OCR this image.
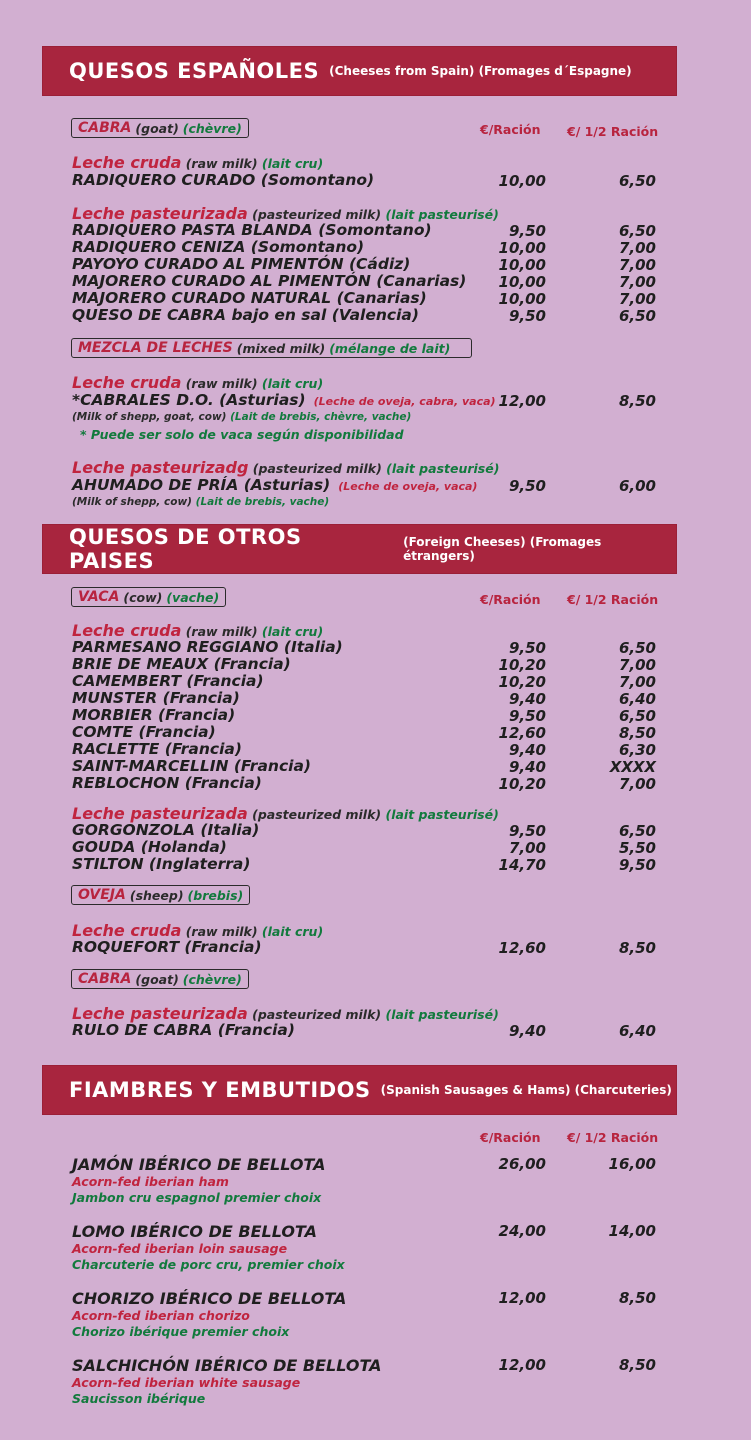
QUESOS ESPAÑOLES (Cheeses from Spain) (Fromages d´Espagne)
CABRA (goat) (chèvre)	€/Ración €/ 1/2 Ración
Leche cruda (raw milk) (lait cru)
RADIQUERO CURADO (Somontano)	10,00	6,50
Leche pasteurizada (pasteurized milk) (lait pasteurisé)
RADIQUERO PASTA BLANDA (Somontano)	9,50	6,50
RADIQUERO CENIZA (Somontano)	10,00	7,00
PAYOYO CURADO AL PIMENTÓN (Cádiz)	10,00	7,00
MAJORERO CURADO AL PIMENTÓN (Canarias)	10,00	7,00
MAJORERO CURADO NATURAL (Canarias)	10,00	7,00
QUESO DE CABRA bajo en sal (Valencia)	9,50	6,50
MEZCLA DE LECHES (mixed milk) (mélange de lait)
Leche cruda (raw milk) (lait cru)
*CABRALES D.O. (Asturias) (Leche de oveja, cabra, vaca) 12,00	8,50
(Milk of shepp, goat, cow) (Lait de brebis, chèvre, vache)
* Puede ser solo de vaca según disponibilidad
Leche pasteurizadg (pasteurized milk) (lait pasteurisé)
AHUMADO DE PRÍA (Asturias) (Leche de oveja, vaca)	9,50	6,00
(Milk of shepp, cow) (Lait de brebis, vache)
QUESOS DE OTROS PAISES
(Foreign Cheeses) (Fromages étrangers)
VACA (cow) (vache)	€/Ración €/ 1/2 Ración
Leche cruda (raw milk) (lait cru)
PARMESANO REGGIANO (Italia)	9,50	6,50
BRIE DE MEAUX (Francia)	10,20	7,00
CAMEMBERT (Francia)	10,20	7,00
MUNSTER (Francia)	9,40	6,40
MORBIER (Francia)	9,50	6,50
COMTE (Francia)	12,60	8,50
RACLETTE (Francia)	9,40	6,30
SAINT-MARCELLIN (Francia)	9,40	XXXX
REBLOCHON (Francia)	10,20	7,00
Leche pasteurizada (pasteurized milk) (lait pasteurisé)
GORGONZOLA (Italia)	9,50	6,50
GOUDA (Holanda)	7,00	5,50
STILTON (Inglaterra)	14,70	9,50
OVEJA (sheep) (brebis)
Leche cruda (raw milk) (lait cru)
ROQUEFORT (Francia)	12,60	8,50
CABRA (goat) (chèvre)
Leche pasteurizada (pasteurized milk) (lait pasteurisé)
RULO DE CABRA (Francia)	9,40	6,40
FIAMBRES Y EMBUTIDOS (Spanish Sausages & Hams) (Charcuteries)
€/Ración €/ 1/2 Ración
JAMÓN IBÉRICO DE BELLOTA
Acorn-fed iberian ham
Jambon cru espagnol premier choix
26,00	16,00
LOMO IBÉRICO DE BELLOTA
Acorn-fed iberian loin sausage
Charcuterie de porc cru, premier choix
24,00	14,00
CHORIZO IBÉRICO DE BELLOTA
Acorn-fed iberian chorizo
Chorizo ibérique premier choix
12,00	8,50
SALCHICHÓN IBÉRICO DE BELLOTA
Acorn-fed iberian white sausage
Saucisson ibérique
12,00	8,50
